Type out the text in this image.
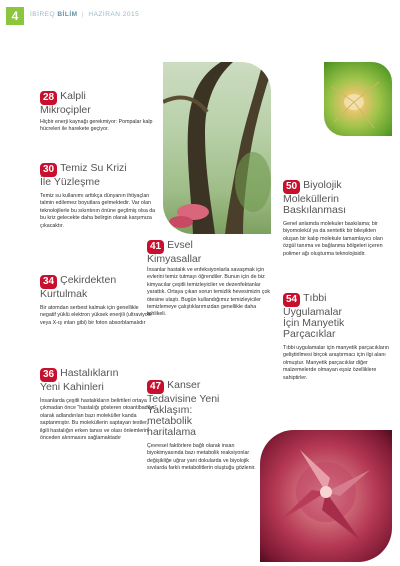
4	İBİREQ BİLİM | HAZİRAN 2015
28 Kalpli
Mikroçipler
Hiçbir enerji kaynağı gerekmiyor: Pompalar kalp hücreleri ile harekete geçiyor.
30 Temiz Su Krizi
İle Yüzleşme
Temiz su kullanımı arttıkça dünyanın ihtiyaçları talmin edilemez boyutlara gelmektedir. Var olan teknolojilerle bu sıkıntının önüne geçilmiş olsa da bu kriz gelecekte daha belirgin olarak karşımıza çıkacaktır.
34 Çekirdekten
Kurtulmak
Bir atomdan serbest kalmak için genellikle negatif yüklü elektron yüksek enerjili (ultraviyole veya X-ış ınları gibi) bir foton absorblamalıdır
36 Hastalıkların
Yeni Kahinleri
İnsanlarda çeşitli hastalıkların belirtileri ortaya çıkmadan önce "hastalığı gösteren otoantibadiler" olarak adlandırılan bazı moleküller kanda saptanmıştır. Bu moleküllerin saptayan testler, ilgili hastalığın erken tanısı ve olası önlemlerin önceden alınmasını sağlamaktadır
41 Evsel
Kimyasallar
İnsanlar hastalık ve enfeksiyonlarla savaşmak için evlerini temiz tutmayı öğrendiler. Bunun için de biz kimyacılar çeşitli temizleyiciler ve dezenfektanlar yarattık. Ortaya çıkan sorun temizlik hevesimizin çok ötesine ulaştı. Bugün kullandığımız temizleyiciler temizlemeye çalıştıklarımızdan genellikle daha tehlikeli.
47 Kanser
Tedavisine Yeni
Yaklaşım:
metabolik
haritalama
Çevresel faktörlere bağlı olarak insan biyokimyasında bazı metabolik reaksiyonlar değişikliğe uğrar yani dokularda ve biyolojik sıvılarda farklı metabolitlerin oluştuğu gözlenir.
50 Biyolojik
Moleküllerin
Baskılanması
Genel anlamda molekuler baskılama; bir biyomolekül ya da sentetik bir bileşikten oluşan bir kalıp molekule tamamlayıcı olan özgül tanıma ve bağlanma bölgeleri içeren polimer ağı oluşturma teknolojisidir.
54 Tıbbi
Uygulamalar
İçin Manyetik
Parçacıklar
Tıbbi uygulamalar için manyetik parçacıkların geliştirilmesi birçok araştırmacı için ilgi alanı olmuştur. Manyetik parçacıklar diğer malzemelerde olmayan eşsiz özelliklere sahiptirler.
